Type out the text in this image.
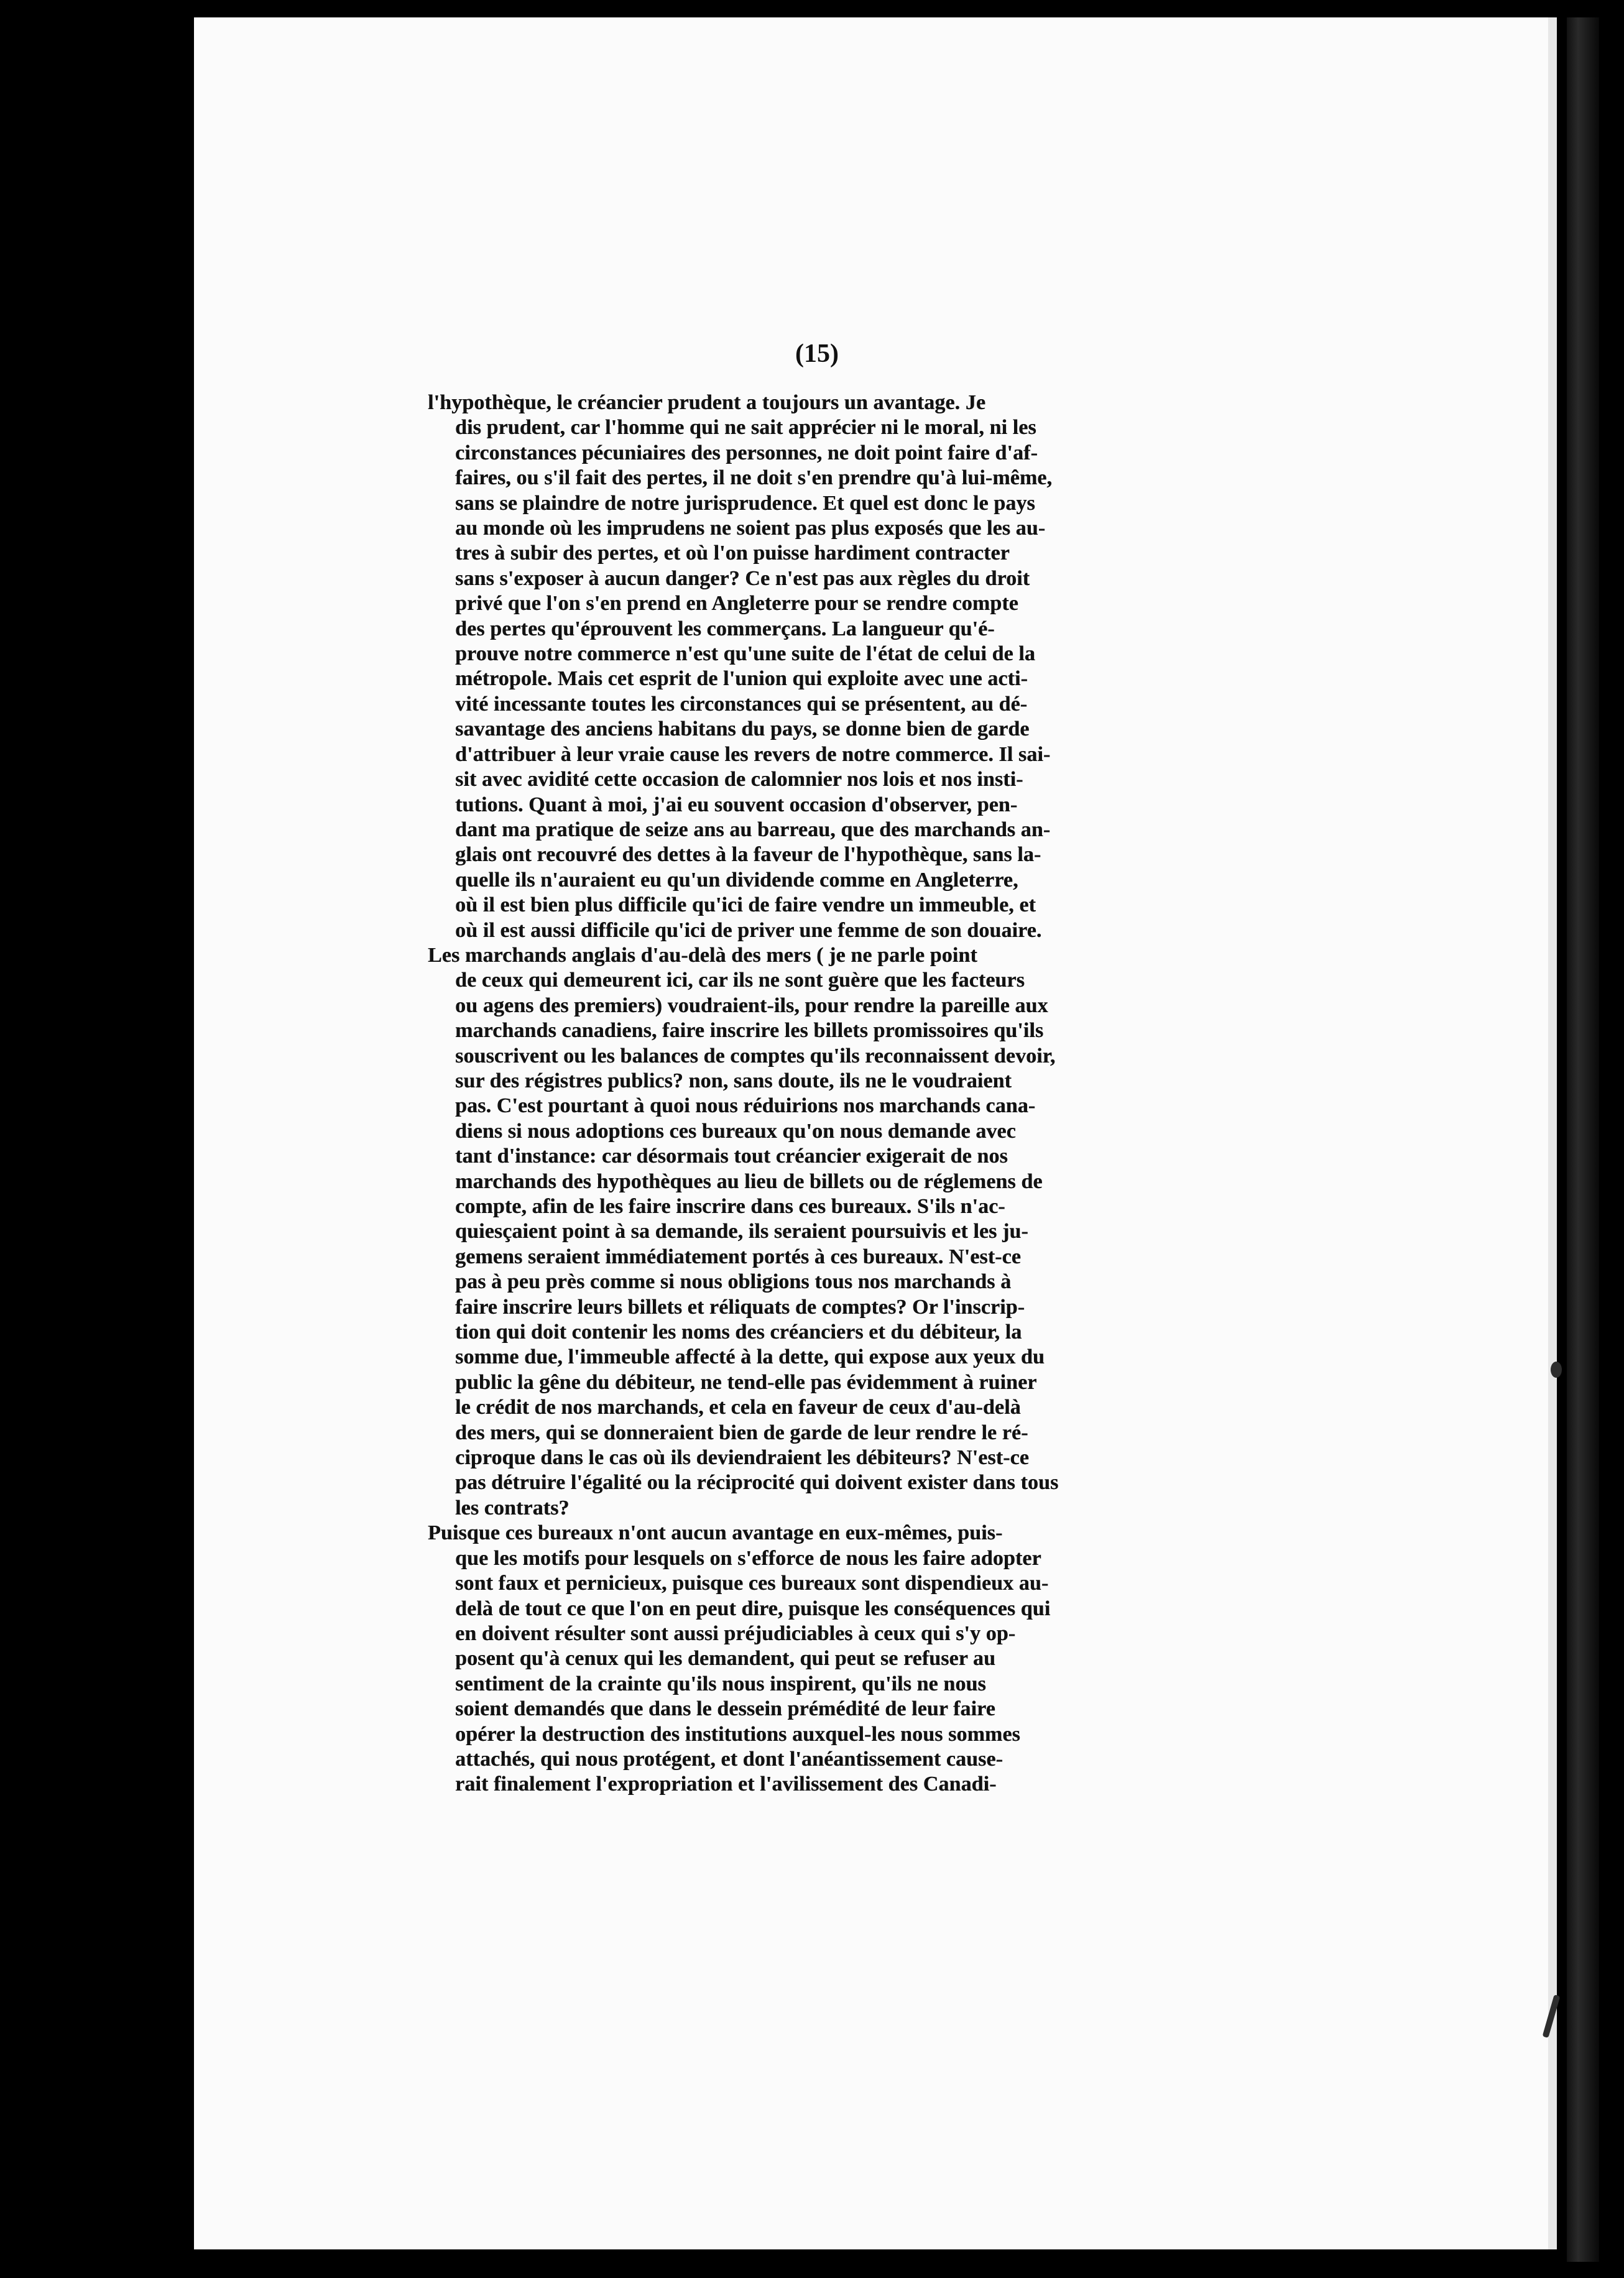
(15)
l'hypothèque, le créancier prudent a toujours un avantage. Je
dis prudent, car l'homme qui ne sait apprécier ni le moral, ni les
circonstances pécuniaires des personnes, ne doit point faire d'af-
faires, ou s'il fait des pertes, il ne doit s'en prendre qu'à lui-même,
sans se plaindre de notre jurisprudence. Et quel est donc le pays
au monde où les imprudens ne soient pas plus exposés que les au-
tres à subir des pertes, et où l'on puisse hardiment contracter
sans s'exposer à aucun danger? Ce n'est pas aux règles du droit
privé que l'on s'en prend en Angleterre pour se rendre compte
des pertes qu'éprouvent les commerçans. La langueur qu'é-
prouve notre commerce n'est qu'une suite de l'état de celui de la
métropole. Mais cet esprit de l'union qui exploite avec une acti-
vité incessante toutes les circonstances qui se présentent, au dé-
savantage des anciens habitans du pays, se donne bien de garde
d'attribuer à leur vraie cause les revers de notre commerce. Il sai-
sit avec avidité cette occasion de calomnier nos lois et nos insti-
tutions. Quant à moi, j'ai eu souvent occasion d'observer, pen-
dant ma pratique de seize ans au barreau, que des marchands an-
glais ont recouvré des dettes à la faveur de l'hypothèque, sans la-
quelle ils n'auraient eu qu'un dividende comme en Angleterre,
où il est bien plus difficile qu'ici de faire vendre un immeuble, et
où il est aussi difficile qu'ici de priver une femme de son douaire.
Les marchands anglais d'au-delà des mers ( je ne parle point
de ceux qui demeurent ici, car ils ne sont guère que les facteurs
ou agens des premiers) voudraient-ils, pour rendre la pareille aux
marchands canadiens, faire inscrire les billets promissoires qu'ils
souscrivent ou les balances de comptes qu'ils reconnaissent devoir,
sur des régistres publics? non, sans doute, ils ne le voudraient
pas. C'est pourtant à quoi nous réduirions nos marchands cana-
diens si nous adoptions ces bureaux qu'on nous demande avec
tant d'instance: car désormais tout créancier exigerait de nos
marchands des hypothèques au lieu de billets ou de réglemens de
compte, afin de les faire inscrire dans ces bureaux. S'ils n'ac-
quiesçaient point à sa demande, ils seraient poursuivis et les ju-
gemens seraient immédiatement portés à ces bureaux. N'est-ce
pas à peu près comme si nous obligions tous nos marchands à
faire inscrire leurs billets et réliquats de comptes? Or l'inscrip-
tion qui doit contenir les noms des créanciers et du débiteur, la
somme due, l'immeuble affecté à la dette, qui expose aux yeux du
public la gêne du débiteur, ne tend-elle pas évidemment à ruiner
le crédit de nos marchands, et cela en faveur de ceux d'au-delà
des mers, qui se donneraient bien de garde de leur rendre le ré-
ciproque dans le cas où ils deviendraient les débiteurs? N'est-ce
pas détruire l'égalité ou la réciprocité qui doivent exister dans tous
les contrats?
Puisque ces bureaux n'ont aucun avantage en eux-mêmes, puis-
que les motifs pour lesquels on s'efforce de nous les faire adopter
sont faux et pernicieux, puisque ces bureaux sont dispendieux au-
delà de tout ce que l'on en peut dire, puisque les conséquences qui
en doivent résulter sont aussi préjudiciables à ceux qui s'y op-
posent qu'à cenux qui les demandent, qui peut se refuser au
sentiment de la crainte qu'ils nous inspirent, qu'ils ne nous
soient demandés que dans le dessein prémédité de leur faire
opérer la destruction des institutions auxquel-les nous sommes
attachés, qui nous protégent, et dont l'anéantissement cause-
rait finalement l'expropriation et l'avilissement des Canadi-
